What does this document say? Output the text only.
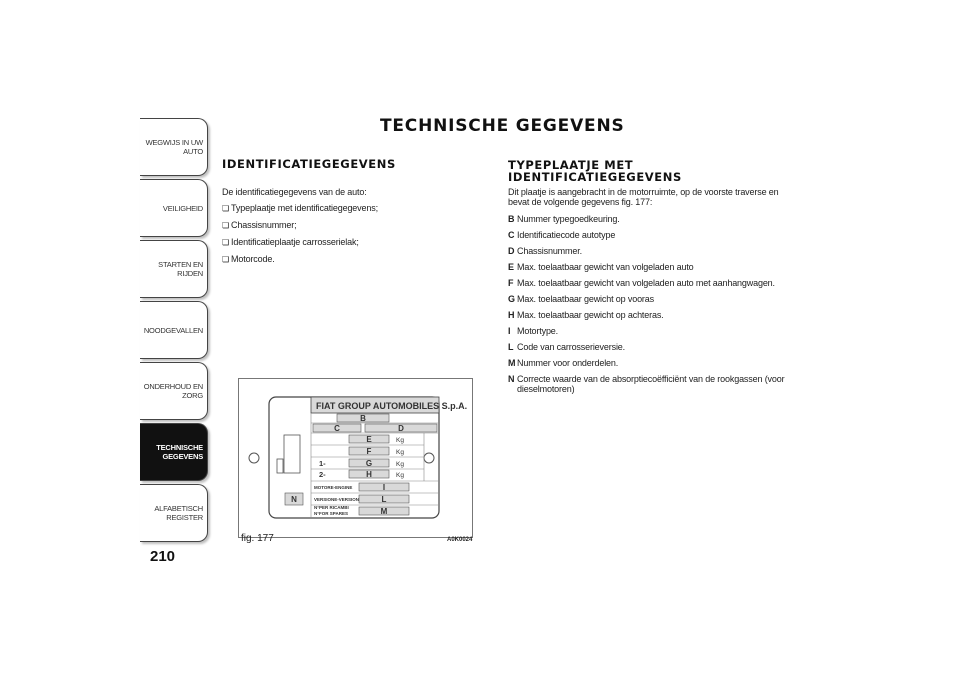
WEGWIJS IN UW AUTO
VEILIGHEID
STARTEN EN RIJDEN
NOODGEVALLEN
ONDERHOUD EN ZORG
TECHNISCHE GEGEVENS
ALFABETISCH REGISTER
210
TECHNISCHE GEGEVENS
IDENTIFICATIEGEGEVENS
De identificatiegegevens van de auto:
❏ Typeplaatje met identificatiegegevens;
❏ Chassisnummer;
❏ Identificatieplaatje carrosserielak;
❏ Motorcode.
TYPEPLAATJE MET
IDENTIFICATIEGEGEVENS
Dit plaatje is aangebracht in de motorruimte, op de voorste traverse en bevat de volgende gegevens fig. 177:
B Nummer typegoedkeuring.
C Identificatiecode autotype
D Chassisnummer.
E Max. toelaatbaar gewicht van volgeladen auto
F Max. toelaatbaar gewicht van volgeladen auto met aanhangwagen.
G Max. toelaatbaar gewicht op vooras
H Max. toelaatbaar gewicht op achteras.
I Motortype.
L Code van carrosserieversie.
M Nummer voor onderdelen.
N Correcte waarde van de absorptiecoëfficiënt van de rookgassen (voor dieselmotoren)
FIAT GROUP AUTOMOBILES S.p.A.
B
C	D
E
F
G
H
I
L
M
N
Kg
Kg
Kg
Kg
1-
2-
MOTORE-ENGINE
VERSIONE-VERSION
N°PER RICAMBI
N°FOR SPARES
fig. 177	A0K0024
